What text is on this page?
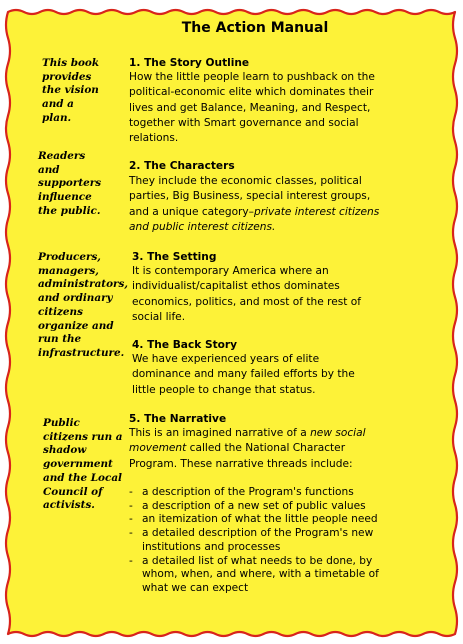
The Action Manual
This book
provides
the vision
and a
plan.
Readers
and
supporters
influence
the public.
Producers,
managers,
administrators,
and ordinary
citizens
organize and
run the
infrastructure.
Public
citizens run a
shadow
government
and the Local
Council of
activists.
1. The Story Outline
How the little people learn to pushback on the
political-economic elite which dominates their
lives and get Balance, Meaning, and Respect,
together with Smart governance and social
relations.
2. The Characters
They include the economic classes, political
parties, Big Business, special interest groups,
and a unique category–private interest citizens
and public interest citizens.
3. The Setting
It is contemporary America where an
individualist/capitalist ethos dominates
economics, politics, and most of the rest of
social life.
4. The Back Story
We have experienced years of elite
dominance and many failed efforts by the
little people to change that status.
5. The Narrative
This is an imagined narrative of a new social
movement called the National Character
Program. These narrative threads include:
- a description of the Program's functions
- a description of a new set of public values
- an itemization of what the little people need
- a detailed description of the Program's new
institutions and processes
- a detailed list of what needs to be done, by
whom, when, and where, with a timetable of
what we can expect
